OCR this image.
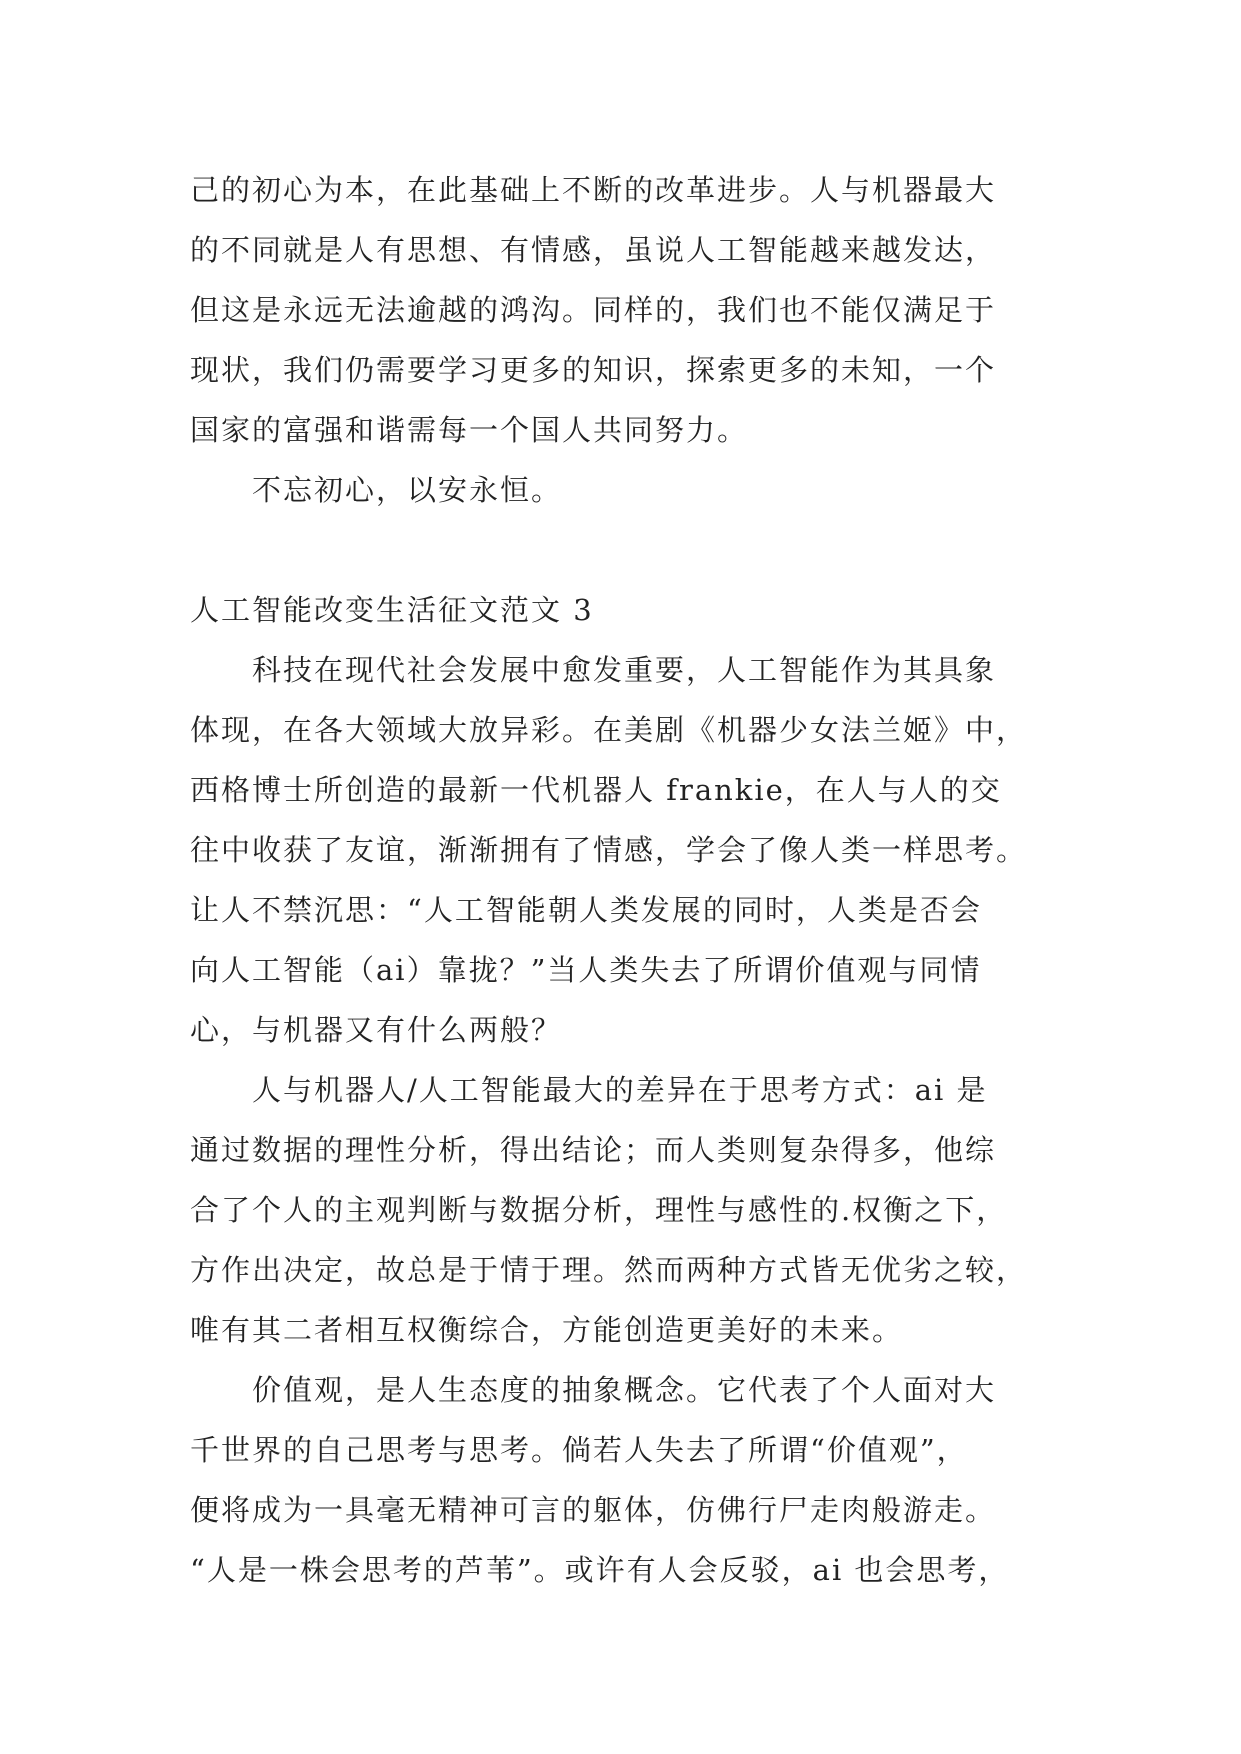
己的初心为本，在此基础上不断的改革进步。人与机器最大
的不同就是人有思想、有情感，虽说人工智能越来越发达，
但这是永远无法逾越的鸿沟。同样的，我们也不能仅满足于
现状，我们仍需要学习更多的知识，探索更多的未知，一个
国家的富强和谐需每一个国人共同努力。
不忘初心，以安永恒。
人工智能改变生活征文范文 3
科技在现代社会发展中愈发重要，人工智能作为其具象
体现，在各大领域大放异彩。在美剧《机器少女法兰姬》中，
西格博士所创造的最新一代机器人 frankie，在人与人的交
往中收获了友谊，渐渐拥有了情感，学会了像人类一样思考。
让人不禁沉思：“人工智能朝人类发展的同时，人类是否会
向人工智能（ai）靠拢？”当人类失去了所谓价值观与同情
心，与机器又有什么两般？
人与机器人/人工智能最大的差异在于思考方式：ai 是
通过数据的理性分析，得出结论；而人类则复杂得多，他综
合了个人的主观判断与数据分析，理性与感性的.权衡之下，
方作出决定，故总是于情于理。然而两种方式皆无优劣之较，
唯有其二者相互权衡综合，方能创造更美好的未来。
价值观，是人生态度的抽象概念。它代表了个人面对大
千世界的自己思考与思考。倘若人失去了所谓“价值观”，
便将成为一具毫无精神可言的躯体，仿佛行尸走肉般游走。
“人是一株会思考的芦苇”。或许有人会反驳，ai 也会思考，
